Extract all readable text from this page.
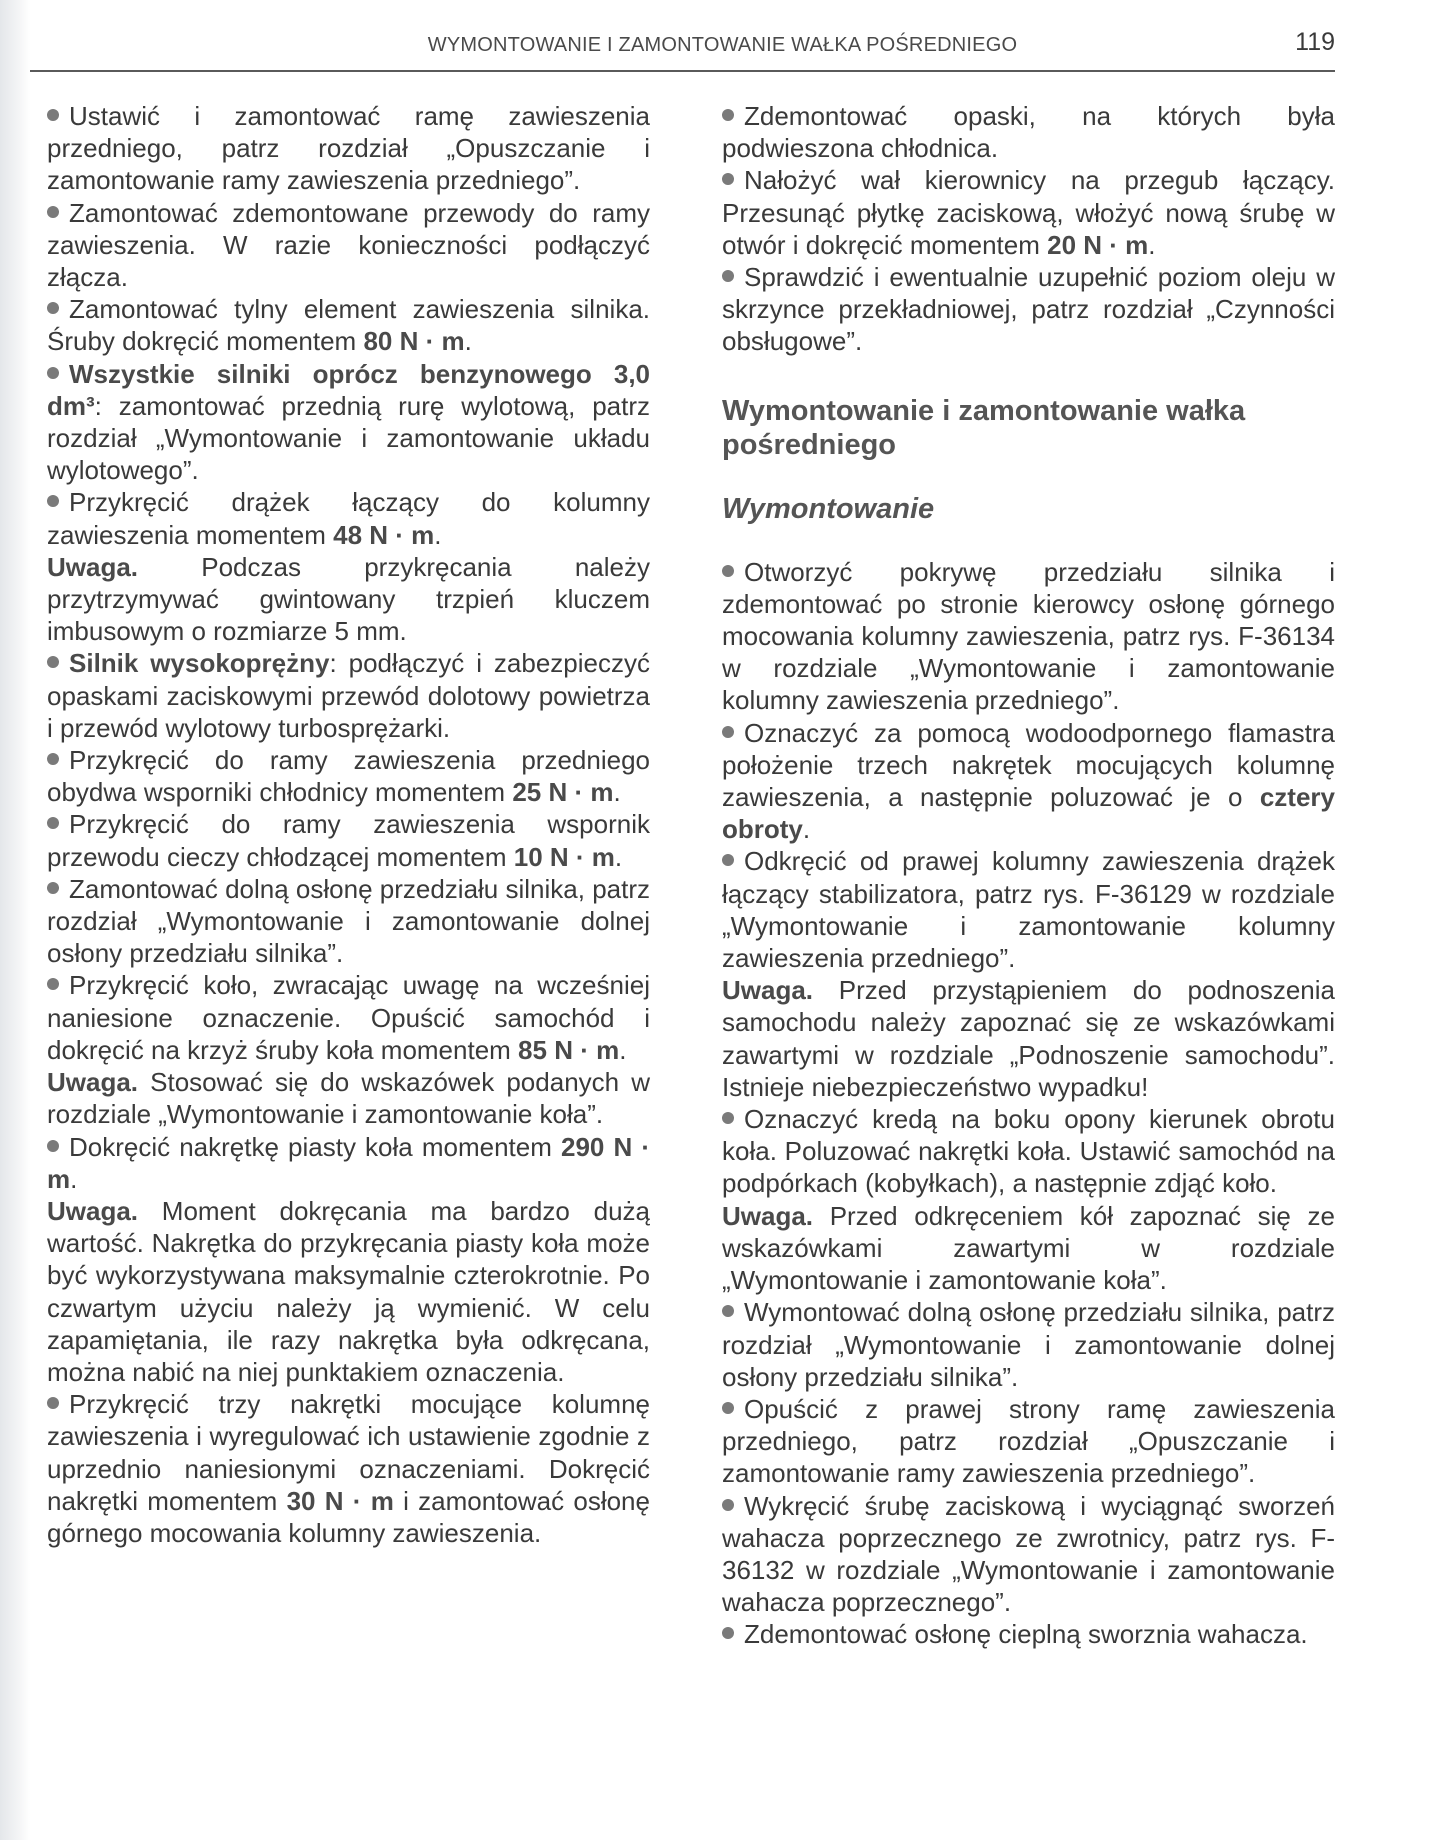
WYMONTOWANIE I ZAMONTOWANIE WAŁKA POŚREDNIEGO	119

Ustawić i zamontować ramę zawieszenia przedniego, patrz rozdział „Opuszczanie i zamontowanie ramy zawieszenia przedniego”.

Zamontować zdemontowane przewody do ramy zawieszenia. W razie konieczności podłączyć złącza.

Zamontować tylny element zawieszenia silnika. Śruby dokręcić momentem 80 N · m.

Wszystkie silniki oprócz benzynowego 3,0 dm³: zamontować przednią rurę wylotową, patrz rozdział „Wymontowanie i zamontowanie układu wylotowego”.

Przykręcić drążek łączący do kolumny zawieszenia momentem 48 N · m.

Uwaga. Podczas przykręcania należy przytrzymywać gwintowany trzpień kluczem imbusowym o rozmiarze 5 mm.

Silnik wysokoprężny: podłączyć i zabezpieczyć opaskami zaciskowymi przewód dolotowy powietrza i przewód wylotowy turbosprężarki.

Przykręcić do ramy zawieszenia przedniego obydwa wsporniki chłodnicy momentem 25 N · m.

Przykręcić do ramy zawieszenia wspornik przewodu cieczy chłodzącej momentem 10 N · m.

Zamontować dolną osłonę przedziału silnika, patrz rozdział „Wymontowanie i zamontowanie dolnej osłony przedziału silnika”.

Przykręcić koło, zwracając uwagę na wcześniej naniesione oznaczenie. Opuścić samochód i dokręcić na krzyż śruby koła momentem 85 N · m.

Uwaga. Stosować się do wskazówek podanych w rozdziale „Wymontowanie i zamontowanie koła”.

Dokręcić nakrętkę piasty koła momentem 290 N · m.

Uwaga. Moment dokręcania ma bardzo dużą wartość. Nakrętka do przykręcania piasty koła może być wykorzystywana maksymalnie czterokrotnie. Po czwartym użyciu należy ją wymienić. W celu zapamiętania, ile razy nakrętka była odkręcana, można nabić na niej punktakiem oznaczenia.

Przykręcić trzy nakrętki mocujące kolumnę zawieszenia i wyregulować ich ustawienie zgodnie z uprzednio naniesionymi oznaczeniami. Dokręcić nakrętki momentem 30 N · m i zamontować osłonę górnego mocowania kolumny zawieszenia.

Zdemontować opaski, na których była podwieszona chłodnica.

Nałożyć wał kierownicy na przegub łączący. Przesunąć płytkę zaciskową, włożyć nową śrubę w otwór i dokręcić momentem 20 N · m.

Sprawdzić i ewentualnie uzupełnić poziom oleju w skrzynce przekładniowej, patrz rozdział „Czynności obsługowe”.

Wymontowanie i zamontowanie wałka pośredniego
Wymontowanie

Otworzyć pokrywę przedziału silnika i zdemontować po stronie kierowcy osłonę górnego mocowania kolumny zawieszenia, patrz rys. F-36134 w rozdziale „Wymontowanie i zamontowanie kolumny zawieszenia przedniego”.

Oznaczyć za pomocą wodoodpornego flamastra położenie trzech nakrętek mocujących kolumnę zawieszenia, a następnie poluzować je o cztery obroty.

Odkręcić od prawej kolumny zawieszenia drążek łączący stabilizatora, patrz rys. F-36129 w rozdziale „Wymontowanie i zamontowanie kolumny zawieszenia przedniego”.

Uwaga. Przed przystąpieniem do podnoszenia samochodu należy zapoznać się ze wskazówkami zawartymi w rozdziale „Podnoszenie samochodu”. Istnieje niebezpieczeństwo wypadku!

Oznaczyć kredą na boku opony kierunek obrotu koła. Poluzować nakrętki koła. Ustawić samochód na podpórkach (kobyłkach), a następnie zdjąć koło.

Uwaga. Przed odkręceniem kół zapoznać się ze wskazówkami zawartymi w rozdziale „Wymontowanie i zamontowanie koła”.

Wymontować dolną osłonę przedziału silnika, patrz rozdział „Wymontowanie i zamontowanie dolnej osłony przedziału silnika”.

Opuścić z prawej strony ramę zawieszenia przedniego, patrz rozdział „Opuszczanie i zamontowanie ramy zawieszenia przedniego”.

Wykręcić śrubę zaciskową i wyciągnąć sworzeń wahacza poprzecznego ze zwrotnicy, patrz rys. F-36132 w rozdziale „Wymontowanie i zamontowanie wahacza poprzecznego”.

Zdemontować osłonę cieplną sworznia wahacza.
